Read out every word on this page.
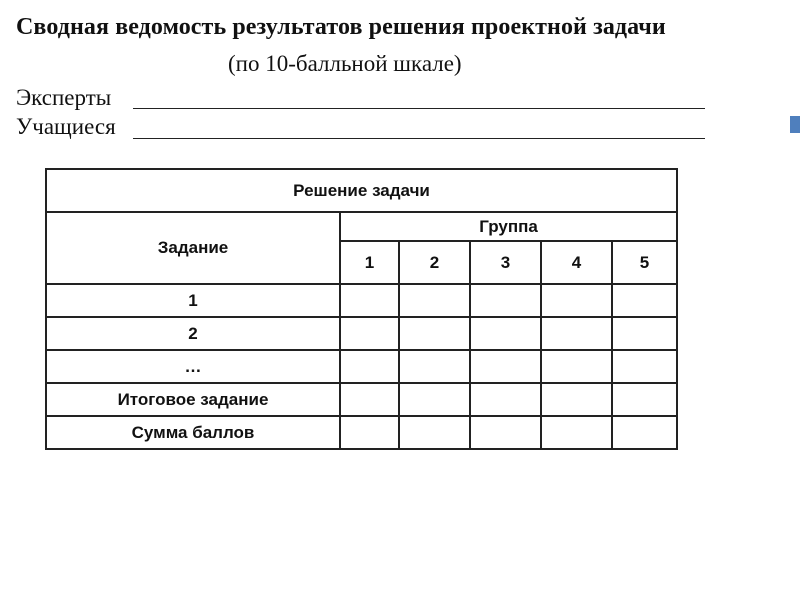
Сводная ведомость результатов решения проектной задачи
(по 10-балльной шкале)
Эксперты
Учащиеся
Решение задачи					
Задание	Группа				
	1	2	3	4	5
1					
2					
…					
Итоговое задание					
Сумма баллов					
